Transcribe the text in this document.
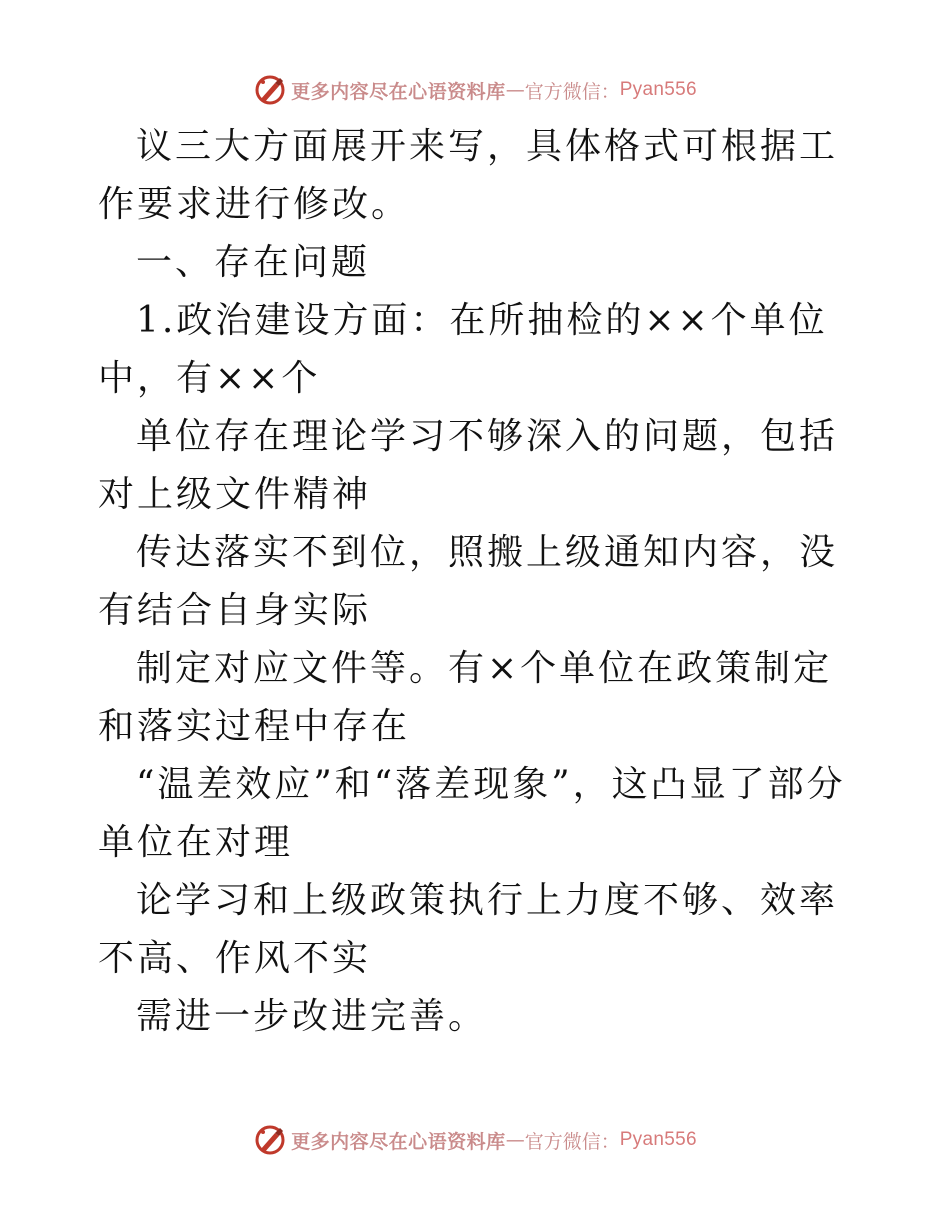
更多内容尽在心语资料库 — 官方微信： Pyan556

议三大方面展开来写，具体格式可根据工作要求进行修改。

一、存在问题

1.政治建设方面：在所抽检的××个单位中，有××个

单位存在理论学习不够深入的问题，包括对上级文件精神

传达落实不到位，照搬上级通知内容，没有结合自身实际

制定对应文件等。有×个单位在政策制定和落实过程中存在

“温差效应”和“落差现象”，这凸显了部分单位在对理

论学习和上级政策执行上力度不够、效率不高、作风不实

需进一步改进完善。

更多内容尽在心语资料库 — 官方微信： Pyan556
